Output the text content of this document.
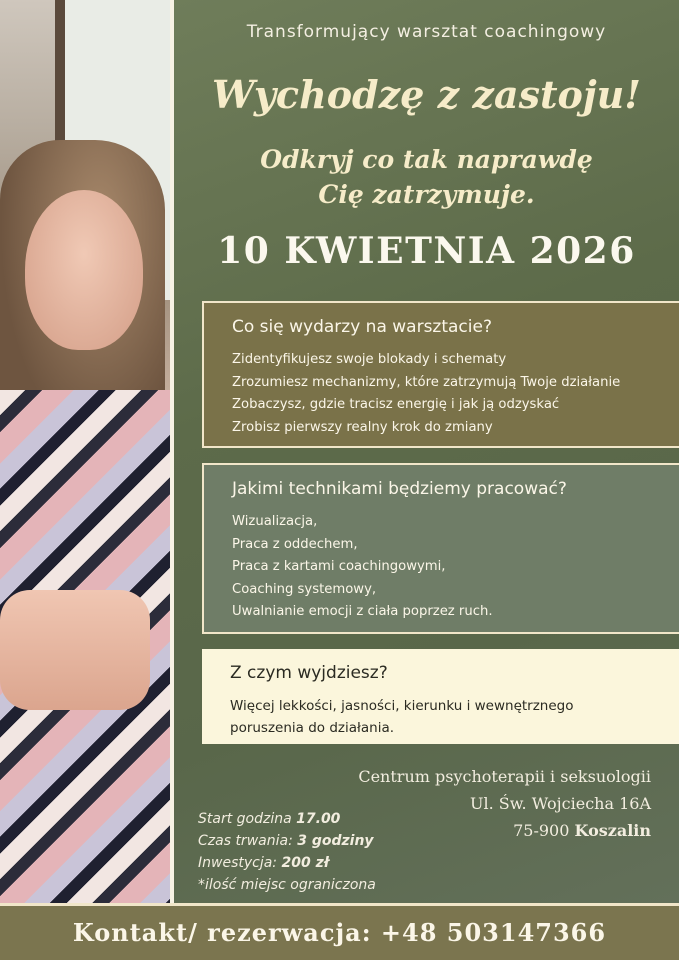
Transformujący warsztat coachingowy
Wychodzę z zastoju!
Odkryj co tak naprawdę
Cię zatrzymuje.
10 KWIETNIA 2026
Co się wydarzy na warsztacie?
Zidentyfikujesz swoje blokady i schematy
Zrozumiesz mechanizmy, które zatrzymują Twoje działanie
Zobaczysz, gdzie tracisz energię i jak ją odzyskać
Zrobisz pierwszy realny krok do zmiany
Jakimi technikami będziemy pracować?
Wizualizacja,
Praca z oddechem,
Praca z kartami coachingowymi,
Coaching systemowy,
Uwalnianie emocji z ciała poprzez ruch.
Z czym wyjdziesz?
Więcej lekkości, jasności, kierunku i wewnętrznego
poruszenia do działania.
Centrum psychoterapii i seksuologii
Ul. Św. Wojciecha 16A
75-900 Koszalin
Start godzina 17.00
Czas trwania: 3 godziny
Inwestycja: 200 zł
*ilość miejsc ograniczona
Kontakt/ rezerwacja: +48 503147366
